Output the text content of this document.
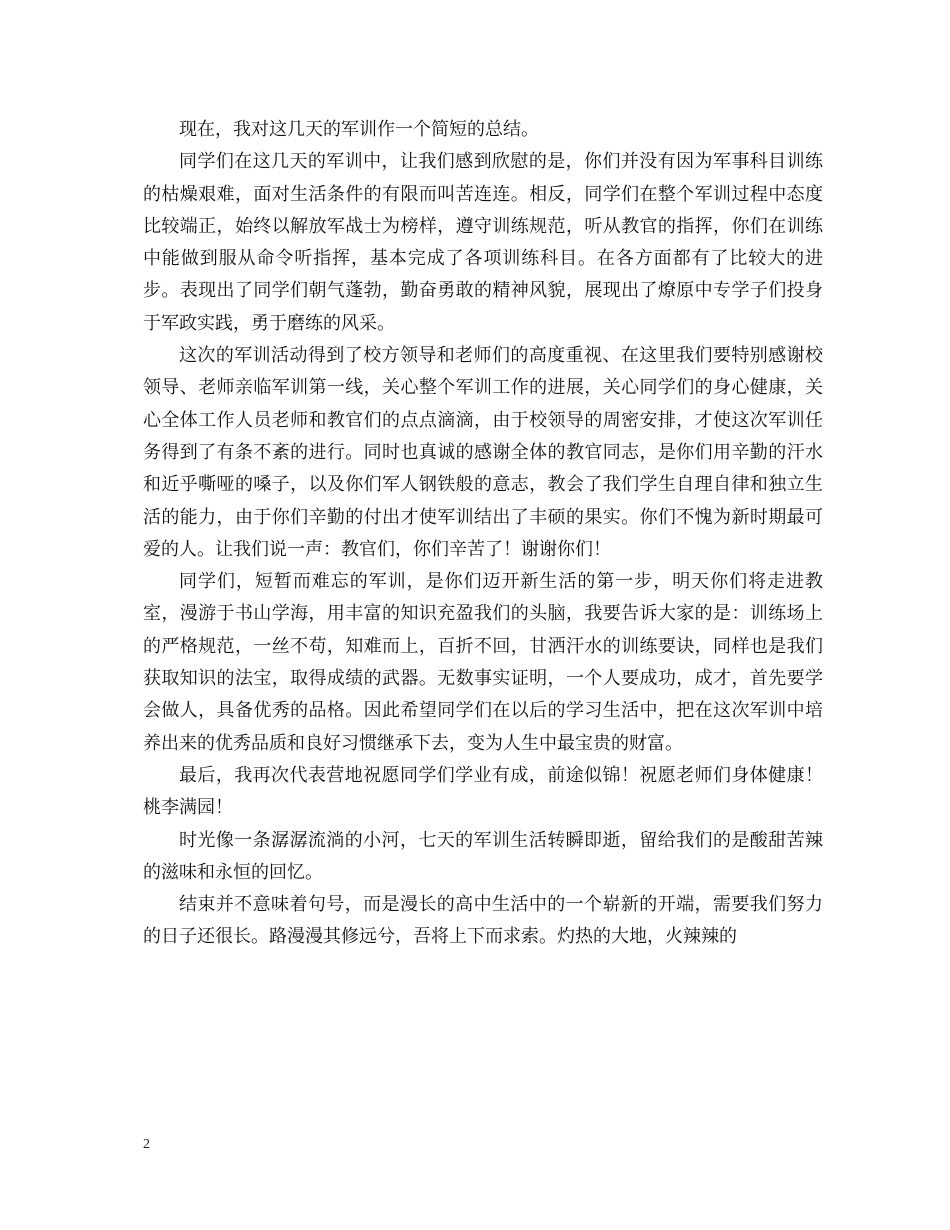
现在，我对这几天的军训作一个简短的总结。

同学们在这几天的军训中，让我们感到欣慰的是，你们并没有因为军事科目训练的枯燥艰难，面对生活条件的有限而叫苦连连。相反，同学们在整个军训过程中态度比较端正，始终以解放军战士为榜样，遵守训练规范，听从教官的指挥，你们在训练中能做到服从命令听指挥，基本完成了各项训练科目。在各方面都有了比较大的进步。表现出了同学们朝气蓬勃，勤奋勇敢的精神风貌，展现出了燎原中专学子们投身于军政实践，勇于磨练的风采。

这次的军训活动得到了校方领导和老师们的高度重视、在这里我们要特别感谢校领导、老师亲临军训第一线，关心整个军训工作的进展，关心同学们的身心健康，关心全体工作人员老师和教官们的点点滴滴，由于校领导的周密安排，才使这次军训任务得到了有条不紊的进行。同时也真诚的感谢全体的教官同志，是你们用辛勤的汗水和近乎嘶哑的嗓子，以及你们军人钢铁般的意志，教会了我们学生自理自律和独立生活的能力，由于你们辛勤的付出才使军训结出了丰硕的果实。你们不愧为新时期最可爱的人。让我们说一声：教官们，你们辛苦了！谢谢你们！

同学们，短暂而难忘的军训，是你们迈开新生活的第一步，明天你们将走进教室，漫游于书山学海，用丰富的知识充盈我们的头脑，我要告诉大家的是：训练场上的严格规范，一丝不苟，知难而上，百折不回，甘洒汗水的训练要诀，同样也是我们获取知识的法宝，取得成绩的武器。无数事实证明，一个人要成功，成才，首先要学会做人，具备优秀的品格。因此希望同学们在以后的学习生活中，把在这次军训中培养出来的优秀品质和良好习惯继承下去，变为人生中最宝贵的财富。

最后，我再次代表营地祝愿同学们学业有成，前途似锦！祝愿老师们身体健康！桃李满园！

时光像一条潺潺流淌的小河，七天的军训生活转瞬即逝，留给我们的是酸甜苦辣的滋味和永恒的回忆。

结束并不意味着句号，而是漫长的高中生活中的一个崭新的开端，需要我们努力的日子还很长。路漫漫其修远兮，吾将上下而求索。灼热的大地，火辣辣的

2
